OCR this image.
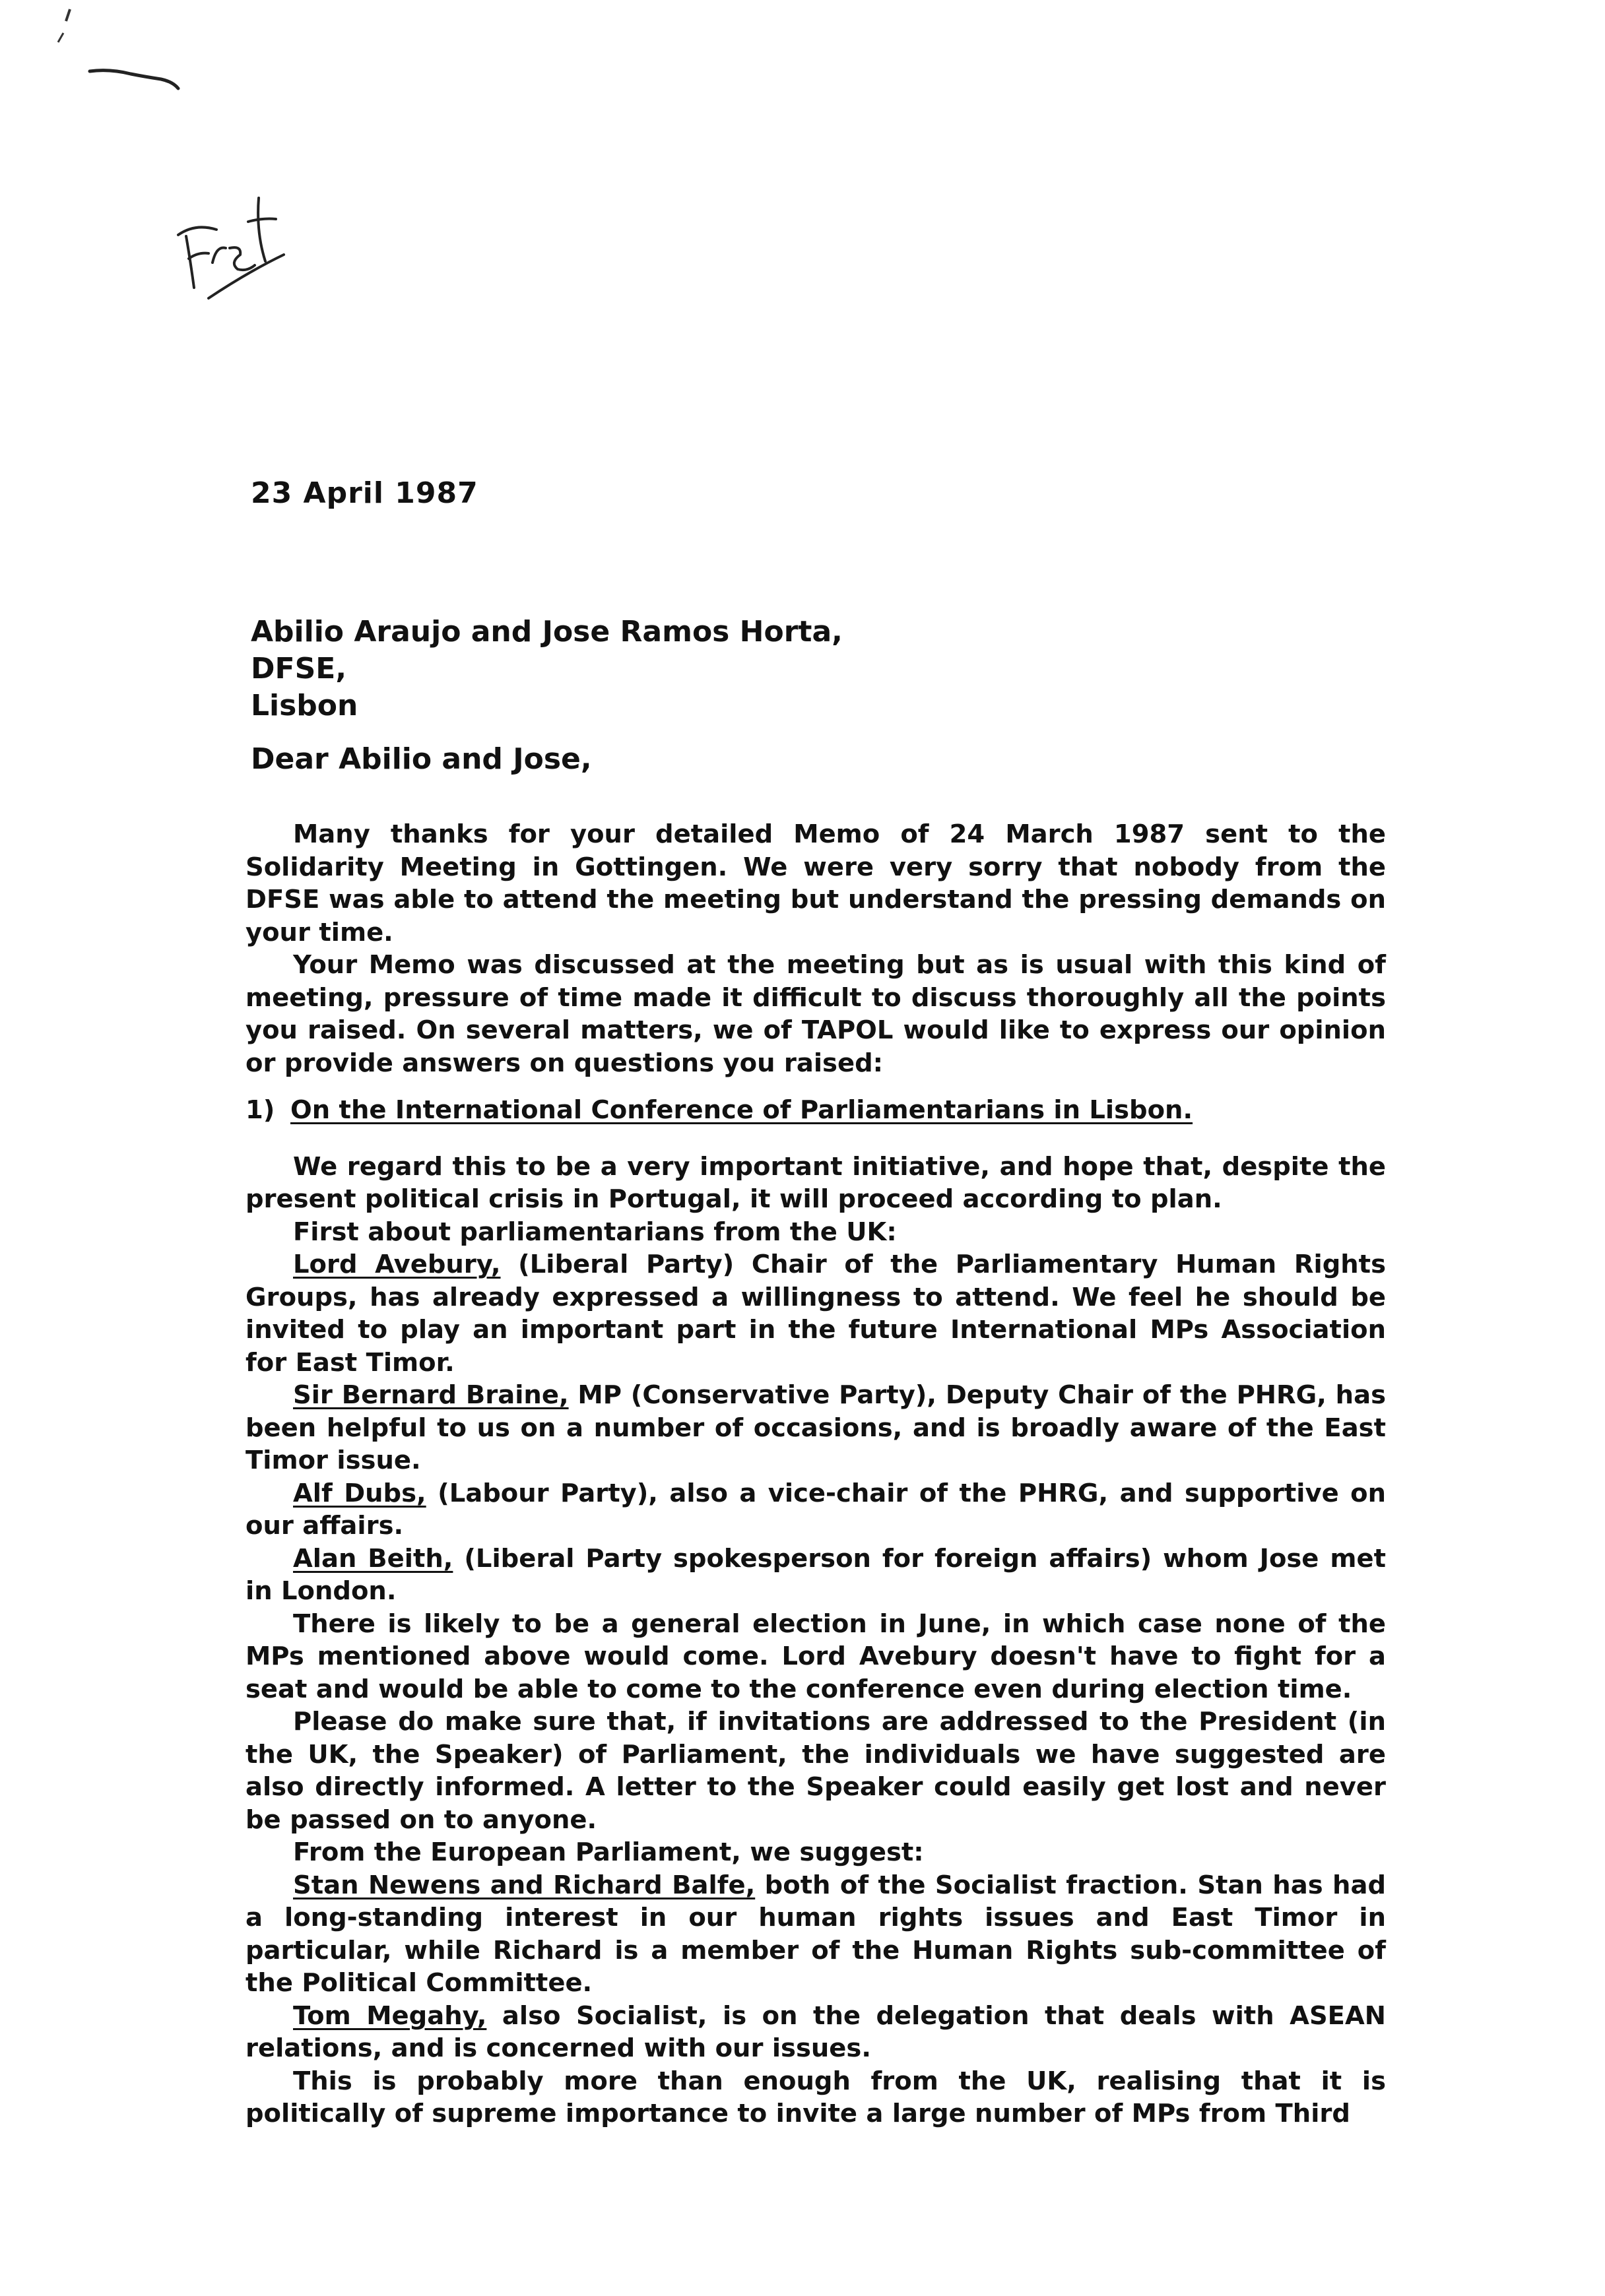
23 April 1987
Abilio Araujo and Jose Ramos Horta,
DFSE,
Lisbon
Dear Abilio and Jose,

Many thanks for your detailed Memo of 24 March 1987 sent to the Solidarity Meeting in Gottingen. We were very sorry that nobody from the DFSE was able to attend the meeting but understand the pressing demands on your time.

Your Memo was discussed at the meeting but as is usual with this kind of meeting, pressure of time made it difficult to discuss thoroughly all the points you raised. On several matters, we of TAPOL would like to express our opinion or provide answers on questions you raised:

1) On the International Conference of Parliamentarians in Lisbon.

We regard this to be a very important initiative, and hope that, despite the present political crisis in Portugal, it will proceed according to plan.

First about parliamentarians from the UK:

Lord Avebury, (Liberal Party) Chair of the Parliamentary Human Rights Groups, has already expressed a willingness to attend. We feel he should be invited to play an important part in the future International MPs Association for East Timor.

Sir Bernard Braine, MP (Conservative Party), Deputy Chair of the PHRG, has been helpful to us on a number of occasions, and is broadly aware of the East Timor issue.

Alf Dubs, (Labour Party), also a vice-chair of the PHRG, and supportive on our affairs.

Alan Beith, (Liberal Party spokesperson for foreign affairs) whom Jose met in London.

There is likely to be a general election in June, in which case none of the MPs mentioned above would come. Lord Avebury doesn't have to fight for a seat and would be able to come to the conference even during election time.

Please do make sure that, if invitations are addressed to the President (in the UK, the Speaker) of Parliament, the individuals we have suggested are also directly informed. A letter to the Speaker could easily get lost and never be passed on to anyone.

From the European Parliament, we suggest:

Stan Newens and Richard Balfe, both of the Socialist fraction. Stan has had a long-standing interest in our human rights issues and East Timor in particular, while Richard is a member of the Human Rights sub-committee of the Political Committee.

Tom Megahy, also Socialist, is on the delegation that deals with ASEAN relations, and is concerned with our issues.

This is probably more than enough from the UK, realising that it is politically of supreme importance to invite a large number of MPs from Third
